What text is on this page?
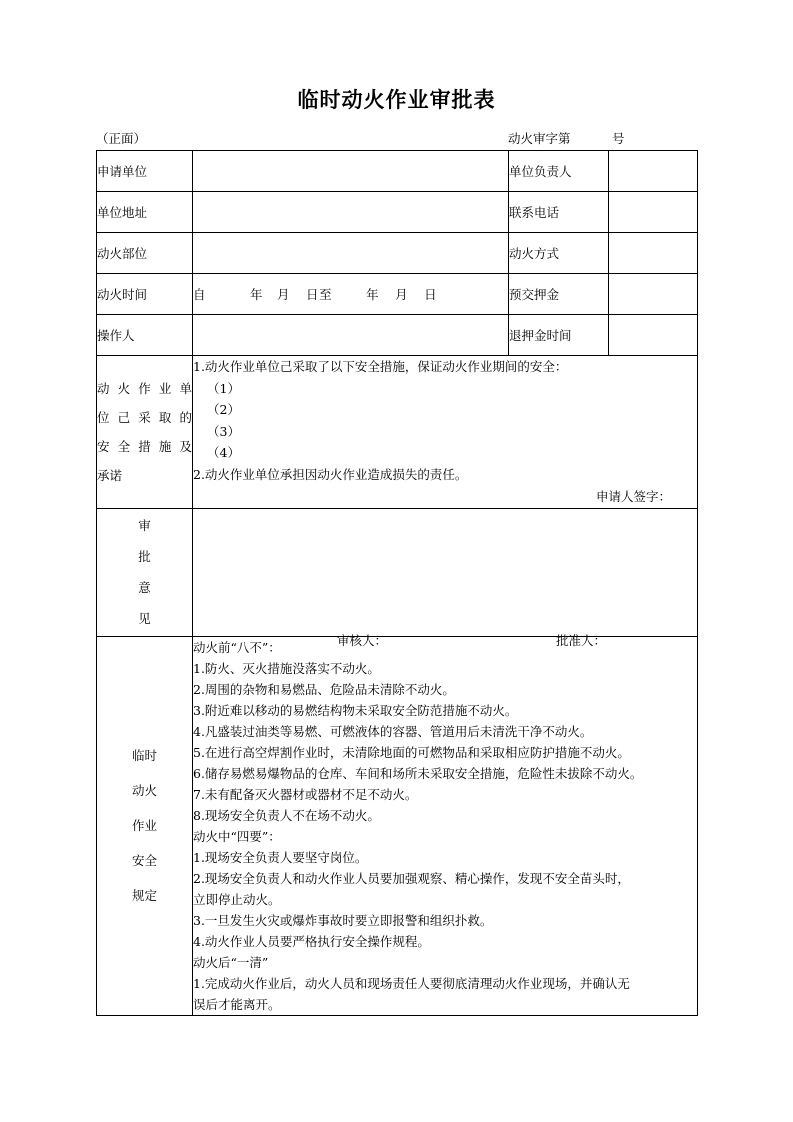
临时动火作业审批表
（正面）	动火审字第	号
申请单位		单位负责人	
单位地址		联系电话	
动火部位		动火方式	
动火时间	自 年 月 日至 年 月 日	预交押金	
操作人		退押金时间	

动火作业单
位己采取的
安全措施及
承诺

1.动火作业单位己采取了以下安全措施，保证动火作业期间的安全：
（1）
（2）
（3）
（4）
2.动火作业单位承担因动火作业造成损失的责任。
申请人签字：

审
批
意
见

审核人：	批准人：

临时
动火
作业
安全
规定

动火前“八不”：
1.防火、灭火措施没落实不动火。
2.周围的杂物和易燃品、危险品未清除不动火。
3.附近难以移动的易燃结构物未采取安全防范措施不动火。
4.凡盛装过油类等易燃、可燃液体的容器、管道用后未清洗干净不动火。
5.在进行高空焊割作业时，未清除地面的可燃物品和采取相应防护措施不动火。
6.储存易燃易爆物品的仓库、车间和场所未采取安全措施，危险性未拔除不动火。
7.未有配备灭火器材或器材不足不动火。
8.现场安全负责人不在场不动火。
动火中“四要”：
1.现场安全负责人要坚守岗位。
2.现场安全负责人和动火作业人员要加强观察、精心操作，发现不安全苗头时，
立即停止动火。
3.一旦发生火灾或爆炸事故时要立即报警和组织扑救。
4.动火作业人员要严格执行安全操作规程。
动火后“一清”
1.完成动火作业后，动火人员和现场责任人要彻底清理动火作业现场，并确认无
误后才能离开。
